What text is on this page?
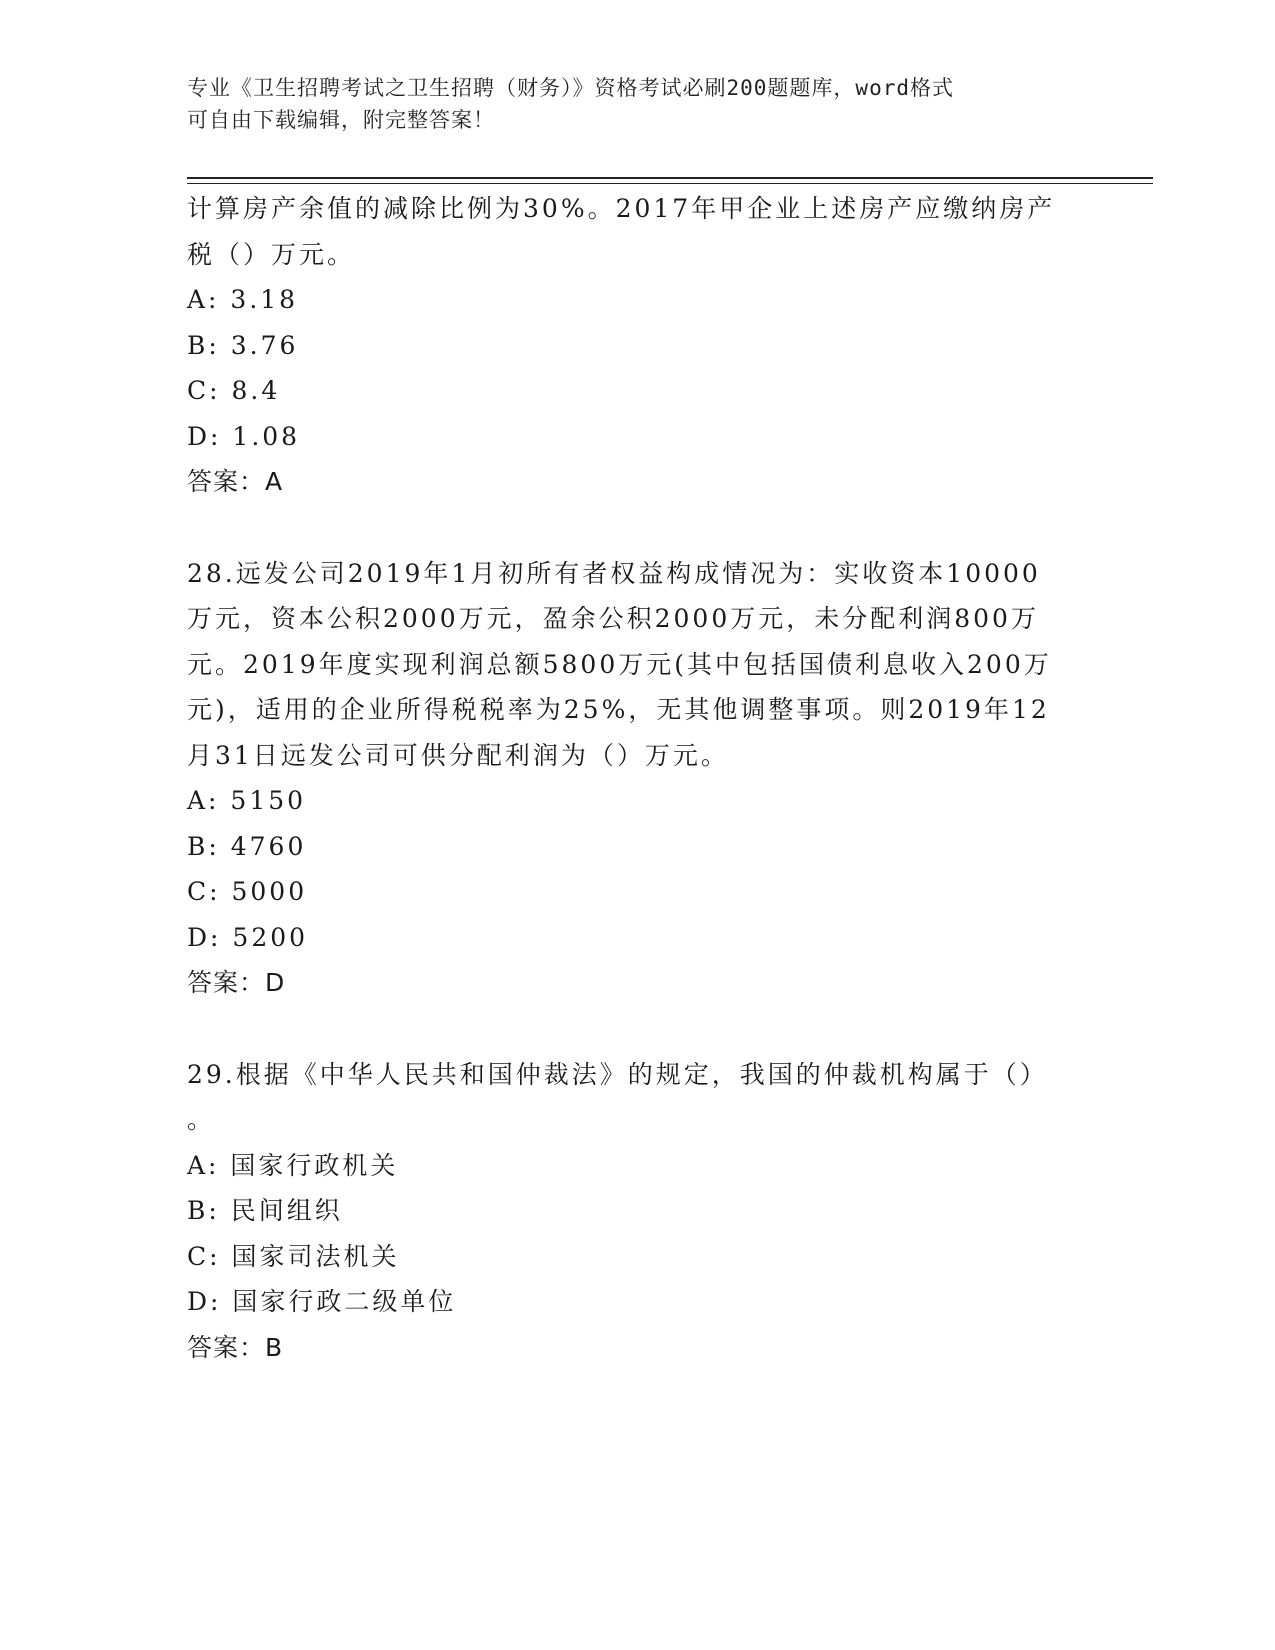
专业《卫生招聘考试之卫生招聘（财务）》资格考试必刷200题题库，word格式
可自由下载编辑，附完整答案！
计算房产余值的减除比例为30%。2017年甲企业上述房产应缴纳房产
税（）万元。
A: 3.18
B: 3.76
C: 8.4
D: 1.08
答案：A
28.远发公司2019年1月初所有者权益构成情况为：实收资本10000
万元，资本公积2000万元，盈余公积2000万元，未分配利润800万
元。2019年度实现利润总额5800万元(其中包括国债利息收入200万
元)，适用的企业所得税税率为25%，无其他调整事项。则2019年12
月31日远发公司可供分配利润为（）万元。
A: 5150
B: 4760
C: 5000
D: 5200
答案：D
29.根据《中华人民共和国仲裁法》的规定，我国的仲裁机构属于（）
。
A: 国家行政机关
B: 民间组织
C: 国家司法机关
D: 国家行政二级单位
答案：B
